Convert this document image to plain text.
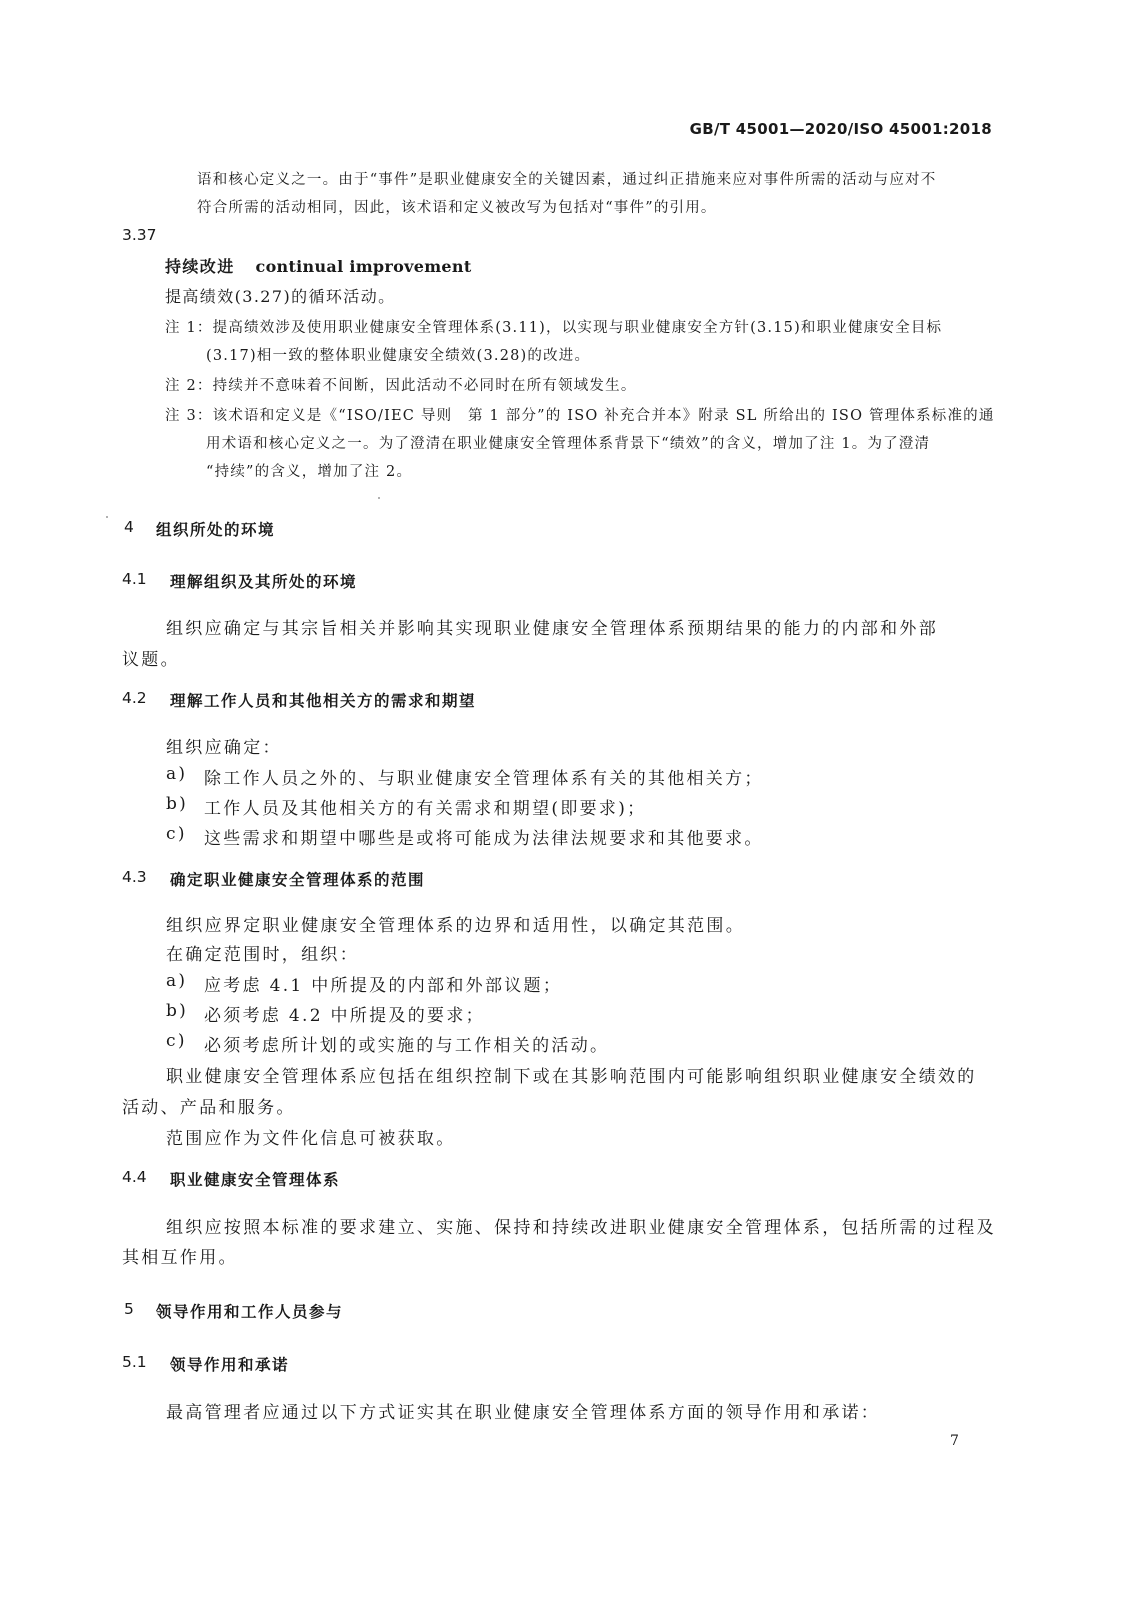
GB/T 45001—2020/ISO 45001:2018
语和核心定义之一。由于“事件”是职业健康安全的关键因素，通过纠正措施来应对事件所需的活动与应对不
符合所需的活动相同，因此，该术语和定义被改写为包括对“事件”的引用。
3.37
持续改进 continual improvement
提高绩效(3.27)的循环活动。
注 1：提高绩效涉及使用职业健康安全管理体系(3.11)，以实现与职业健康安全方针(3.15)和职业健康安全目标
(3.17)相一致的整体职业健康安全绩效(3.28)的改进。
注 2：持续并不意味着不间断，因此活动不必同时在所有领域发生。
注 3：该术语和定义是《“ISO/IEC 导则　第 1 部分”的 ISO 补充合并本》附录 SL 所给出的 ISO 管理体系标准的通
用术语和核心定义之一。为了澄清在职业健康安全管理体系背景下“绩效”的含义，增加了注 1。为了澄清
“持续”的含义，增加了注 2。
4 组织所处的环境
4.1 理解组织及其所处的环境
组织应确定与其宗旨相关并影响其实现职业健康安全管理体系预期结果的能力的内部和外部
议题。
4.2 理解工作人员和其他相关方的需求和期望
组织应确定：
a) 除工作人员之外的、与职业健康安全管理体系有关的其他相关方；
b) 工作人员及其他相关方的有关需求和期望(即要求)；
c) 这些需求和期望中哪些是或将可能成为法律法规要求和其他要求。
4.3 确定职业健康安全管理体系的范围
组织应界定职业健康安全管理体系的边界和适用性，以确定其范围。
在确定范围时，组织：
a) 应考虑 4.1 中所提及的内部和外部议题；
b) 必须考虑 4.2 中所提及的要求；
c) 必须考虑所计划的或实施的与工作相关的活动。
职业健康安全管理体系应包括在组织控制下或在其影响范围内可能影响组织职业健康安全绩效的
活动、产品和服务。
范围应作为文件化信息可被获取。
4.4 职业健康安全管理体系
组织应按照本标准的要求建立、实施、保持和持续改进职业健康安全管理体系，包括所需的过程及
其相互作用。
5 领导作用和工作人员参与
5.1 领导作用和承诺
最高管理者应通过以下方式证实其在职业健康安全管理体系方面的领导作用和承诺：
7
